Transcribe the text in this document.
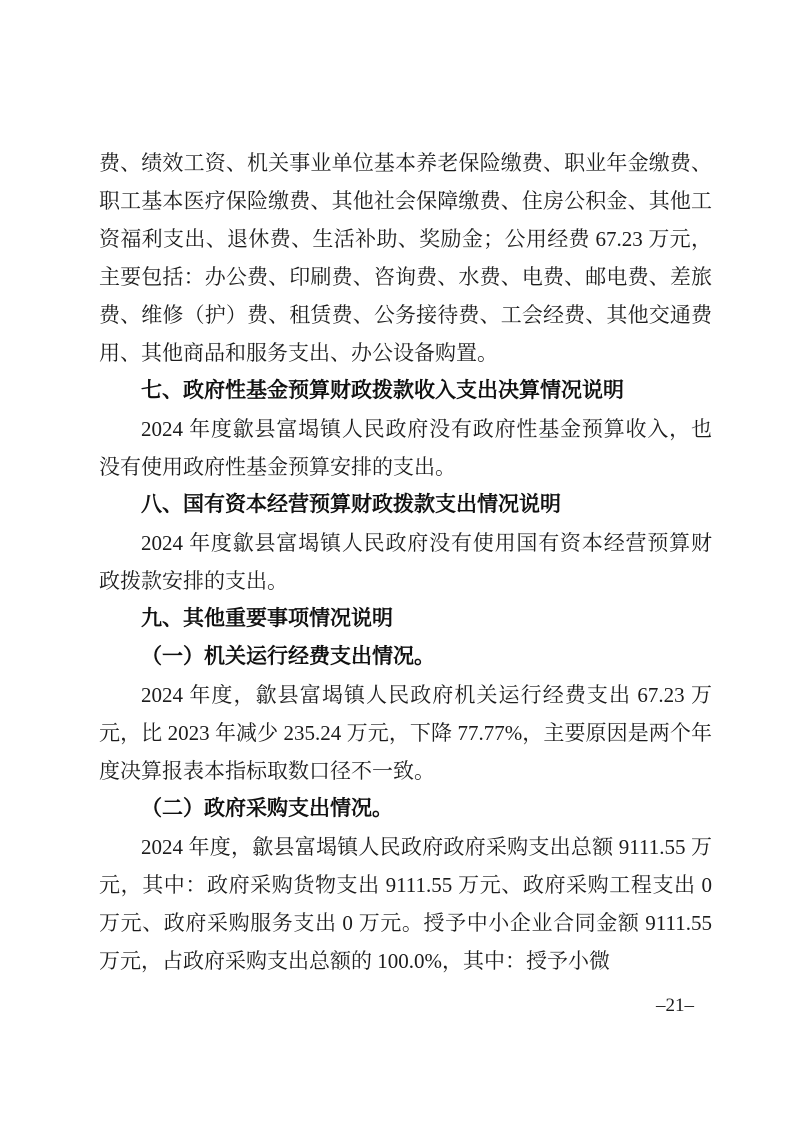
费、绩效工资、机关事业单位基本养老保险缴费、职业年金缴费、职工基本医疗保险缴费、其他社会保障缴费、住房公积金、其他工资福利支出、退休费、生活补助、奖励金；公用经费 67.23 万元，主要包括：办公费、印刷费、咨询费、水费、电费、邮电费、差旅费、维修（护）费、租赁费、公务接待费、工会经费、其他交通费用、其他商品和服务支出、办公设备购置。

七、政府性基金预算财政拨款收入支出决算情况说明

2024 年度歙县富堨镇人民政府没有政府性基金预算收入，也没有使用政府性基金预算安排的支出。

八、国有资本经营预算财政拨款支出情况说明

2024 年度歙县富堨镇人民政府没有使用国有资本经营预算财政拨款安排的支出。

九、其他重要事项情况说明

（一）机关运行经费支出情况。

2024 年度，歙县富堨镇人民政府机关运行经费支出 67.23 万元，比 2023 年减少 235.24 万元，下降 77.77%，主要原因是两个年度决算报表本指标取数口径不一致。

（二）政府采购支出情况。

2024 年度，歙县富堨镇人民政府政府采购支出总额 9111.55 万元，其中：政府采购货物支出 9111.55 万元、政府采购工程支出 0 万元、政府采购服务支出 0 万元。授予中小企业合同金额 9111.55 万元，占政府采购支出总额的 100.0%，其中：授予小微

–21–
